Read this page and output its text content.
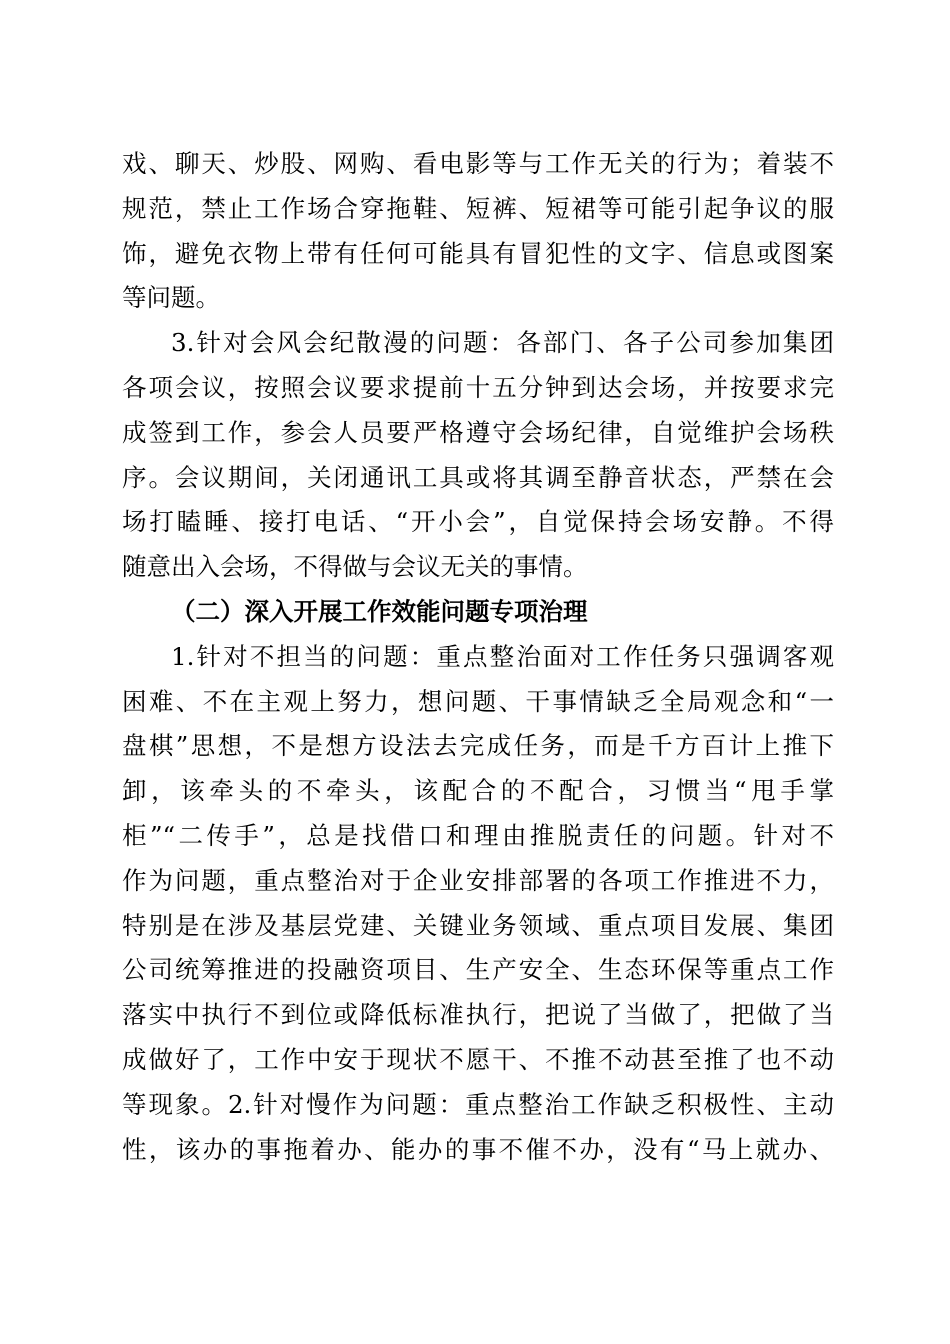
戏、聊天、炒股、网购、看电影等与工作无关的行为；着装不
规范，禁止工作场合穿拖鞋、短裤、短裙等可能引起争议的服
饰，避免衣物上带有任何可能具有冒犯性的文字、信息或图案
等问题。
3.针对会风会纪散漫的问题：各部门、各子公司参加集团
各项会议，按照会议要求提前十五分钟到达会场，并按要求完
成签到工作，参会人员要严格遵守会场纪律，自觉维护会场秩
序。会议期间，关闭通讯工具或将其调至静音状态，严禁在会
场打瞌睡、接打电话、“开小会”，自觉保持会场安静。不得
随意出入会场，不得做与会议无关的事情。
（二）深入开展工作效能问题专项治理
1.针对不担当的问题：重点整治面对工作任务只强调客观
困难、不在主观上努力，想问题、干事情缺乏全局观念和“一
盘棋”思想，不是想方设法去完成任务，而是千方百计上推下
卸，该牵头的不牵头，该配合的不配合，习惯当“甩手掌
柜”“二传手”，总是找借口和理由推脱责任的问题。针对不
作为问题，重点整治对于企业安排部署的各项工作推进不力，
特别是在涉及基层党建、关键业务领域、重点项目发展、集团
公司统筹推进的投融资项目、生产安全、生态环保等重点工作
落实中执行不到位或降低标准执行，把说了当做了，把做了当
成做好了，工作中安于现状不愿干、不推不动甚至推了也不动
等现象。2.针对慢作为问题：重点整治工作缺乏积极性、主动
性，该办的事拖着办、能办的事不催不办，没有“马上就办、
